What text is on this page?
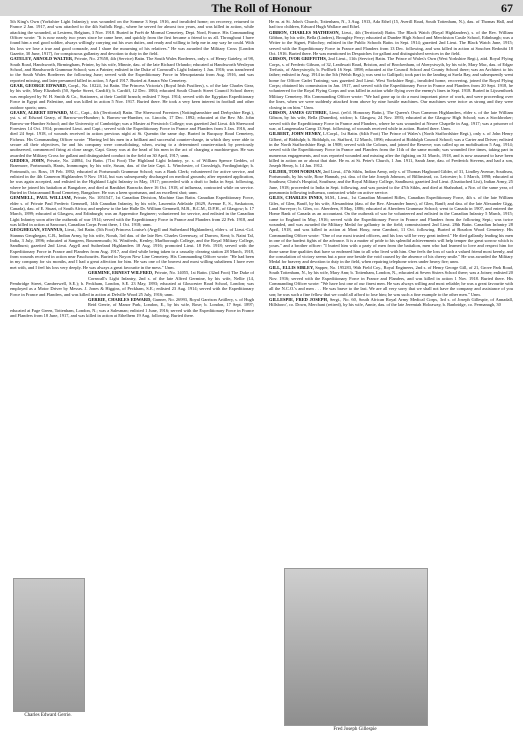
The Roll of Honour	67

5th King's Own (Yorkshire Light Infantry); was wounded on the Somme 3 Sept. 1916, and invalided home; on recovery, returned to France 2 Jan. 1917, and was attached to the 4th Suffolk Regt., where he served for almost two years, and was killed in action, while attacking the wounded, at Lestrem, Belgium, 3 Nov. 1918. Buried in Forêt de Mormal Cemetery, Dept. Nord, France. His Commanding Officer wrote: "It is now nearly two years since he came here, and quickly from the first became a friend to us all. Throughout I have found him a real good soldier, always willingly carrying out his own duties, and ready and willing to help me in any way he could. With his loss we lose a true and good comrade, and I share the mourning of his relatives." He was awarded the Military Cross [London Gazette, 30 June, 1917], for conspicuous gallantry and devotion to duty in the field.

GATELEY, ARNOLD WALTER, Private, No. 27658, 4th (Service) Battn. The South Wales Borderers, only s. of Henry Gateley, of 98, South Road, Handsworth, Birmingham, Printer, by his wife, Minnie, dau. of the late Richard Orlando; educated at Handsworth Wesleyan School, and Handsworth Grammar School; was a Painter; enlisted in the Duke of Cornwall's Light Infantry 1 Jan. 1916; was transferred to the South Wales Borderers the following June; served with the Expeditionary Force in Mesopotamia from Aug. 1916, and was reported missing, and later presumed killed in action, 5 April 1917. Buried at Amara War Cemetery.

GEAR, GEORGE EDWARD, Corpl., No. 10224, 1st Battn. The Princess Victoria's (Royal Irish Fusiliers), s. of the late Charles Gear, by his wife, Mary Elizabeth (50, Speke Street, Cardiff); b. Cardiff, 12 Dec. 1884; educated South Church Street Council School there; was employed by W. H. Smith & Co., Stationers, at their Cardiff branch; enlisted 7 Sept. 1914; served with the Egyptian Expeditionary Force in Egypt and Palestine, and was killed in action 5 Nov. 1917. Buried there. He took a very keen interest in football and other outdoor sports; unm.

GEARY, ALBERT EDWARD, M.C., Capt., 4th (Territorial) Battn. The Sherwood Foresters (Nottinghamshire and Derbyshire Regt.), yst. s. of Edward Geary, of Barrow-on-Humber; b. Barrow-on-Humber, co. Lincoln, 17 Dec. 1892; educated at the Rev. Mr. John Barrow-on-Humber School; and the University of Cambridge; was a Master at Prestwich College; was gazetted 2nd Lieut. 4th Sherwood Foresters 14 Oct. 1914; promoted Lieut. and Capt.; served with the Expeditionary Force in France and Flanders from 3 Jan. 1916, and died 24 Sept. 1918, of wounds received in action previous night at St. Quentin the same day. Buried in Bucquoy Road Cemetery, Ficheux. His Commanding Officer wrote: "Having led his men in a brilliant and successful counter-charge, in which they were able to secure all their objectives, he and his company were consolidating, when, owing to a determined counter-attack by previously unobserved, commenced firing at close range, Capt. Geary was at the head of his men in the act of charging a machine-gun. He was awarded the Military Cross for gallant and distinguished conduct in the field on 30 April, 1917; unm.

GEDDES, JOHN, Private, No. 24884, 1st Battn. (71st Foot) The Highland Light Infantry, yr. s. of William Spence Geddes, of Braemore, Portsmouth, Hants, Ironmonger, by his wife, Susan, dau. of the late Capt. L. Winchester, of Crossleigh, Fordingbridge; b. Portmouth, co. Ross, 19 Feb. 1892; educated at Portsmouth Grammar School; was a Bank Clerk; volunteered for active service, and enlisted in the 4th Cameron Highlanders 9 Nov. 1914, but was subsequently discharged on medical grounds; after repeated application, he was again accepted, and enlisted in the Highland Light Infantry in May, 1917; proceeded with a draft to India in Sept. following, where he joined his battalion at Bangalore, and died at Ranikhet Barracks there 16 Oct. 1918, of influenza, contracted while on service. Buried in Ootacamund Road Cemetery, Bangalore. He was a keen sportsman, and an excellent shot; unm.

GEMMELL, PAUL WILLIAM, Private, No. 1051547, 1st Canadian Division, Machine Gun Battn. Canadian Expeditionary Force, elder s. of Private Paul Frederic Gemmell, 14th Canadian Infantry, by his wife, Laurentia Adelaide (3629, Avenue E, S., Saskatoon, Canada), dau. of E. Stuart, of South Africa; and nephew to the late Halle Dr. William Gemmell, M.B., B.C.M., D.P.H., of Glasgow; b. 17 March, 1899; educated at Glasgow, and Edinburgh; was an Apprentice Engineer; volunteered for service, and enlisted in the Canadian Light Infantry soon after the outbreak of war 1914; served with the Expeditionary Force in France and Flanders from 22 Feb. 1918, and was killed in action at Sancourt, Canadian Corps Front there, 1 Oct. 1918; unm.

GEOGHEGAN, STANNUS, Lieut., 3rd Battn. (5th Foot) Princess Louise's (Argyll and Sutherland Highlanders), elder s. of Lieut.-Col. Stannus Geoghegan, C.B., Indian Army, by his wife, Norah, 3rd dau. of the late Rev. Charles Greenway, of Darrow, Kent; b. Naini Tal, India, 3 July, 1896; educated at Sangeen, Bournemouth; St. Winifreds, Kenley; Marlborough College, and the Royal Military College, Sandhurst; gazetted 2nd Lieut. Argyll and Sutherland Highlanders 18 Aug. 1916; promoted Lieut. 18 Feb. 1918; served with the Expeditionary Force in France and Flanders from Aug. 1917, and died while being taken to a casualty clearing station 28 March, 1918, from wounds received in action near Fauchouriès. Buried in Noyon New Line Cemetery. His Commanding Officer wrote: "He had been in my company for six months, and I had a great affection for him. He was one of the bravest and most willing subalterns I have ever met with, and I feel his loss very deeply. He was always a great favourite in the mess." Unm.

GERMINE, ERNEST WILFRED, Private, No. 14055, 1st Battn. (32nd Foot) The Duke of Cornwall's Light Infantry, 2nd s. of the late Alfred Germine, by his wife, Nellie (14, Pembridge Street, Camberwell, S.E.); b. Peckham, London, S.E. 23 May, 1893; educated at Gloucester Road School, London; was employed as a Motor Driver by Messrs. J. Jones & Higgins, of Peckham, S.E.; enlisted 23 Aug. 1914; served with the Expeditionary Force in France and Flanders, and was killed in action at Delville Wood 25 July, 1916; unm.

GERRIE, CHARLES EDWARD, Gunner, No. 26993, Royal Garrison Artillery, s. of Hugh Reid Gerrie, of Manor Park, London, E., by his wife, Rose; b. London, 17 Sept. 1897; educated at Fage Green, Tottenham, London, N.; was a Salesman; enlisted 1 June, 1916; served with the Expeditionary Force in France and Flanders from 18 June, 1917, and was killed in action at Ethelhem 19 Aug. following. Buried there.

He m. at St. John's Church, Tottenham, N., 3 Aug. 1913, Ada Ethel (15, Averill Road, South Tottenham, N.), dau. of Thomas Hall, and had two children, Edward Hugh Wallace and Ethel.

GIBBON, CHARLES MATHESON, Lieut., 4th (Territorial) Battn. The Black Watch (Royal Highlanders), s. of the Rev. William Gibbon, by his wife, Bella (Lindres), Broughty Ferry; educated at Dundee High School and Merchiston Castle School, Edinburgh; was a Writer to the Signet, Pitlochry; enlisted in the Public Schools Battn. in Sept. 1914; gazetted 2nd Lieut. The Black Watch June, 1915; served with the Expeditionary Force in France and Flanders from 13 Dec. following, and was killed in action at Souchez Redoubt 18 Oct. 1916. Buried there. He was mentioned in Despatches for gallant and distinguished services in the field.

GIBSON, IVOR GRIFFITHS, 2nd Lieut., 11th (Service) Battn. The Prince of Wales's Own (West Yorkshire Regt.), attd. Royal Flying Corps, s. of Frederic Gibson, of 32, Leathwait Road, Brixton, and of Brockenham, of Aberystwyth, by his wife, Mary Mac, dau. of Edgar Trefusis, of Aberystwyth; b. Pwllheli 16 Sept. 1898; educated at the Council School and County School there; was an Architect to his father; enlisted in Aug. 1914 in the 5th (Welsh Regt.); was sent to Gallipoli; took part in the landing at Suvla Bay, and subsequently went home for Officer Cadet Training; was gazetted 2nd Lieut. West Yorkshire Regt., invalided home, recovering, joined the Royal Flying Corps; obtained his commission in Jan. 1917, and served with the Expeditionary Force in France and Flanders from 20 Sept. 1918, he volunteered for the Royal Flying Corps and was killed in action while flying over the enemy's lines in Sept. 1918. Buried in Lijssenthoek Military Cemetery. His Commanding Officer wrote: "We had gone up to do a most important piece of work, and were proceeding over the lines, when we were suddenly attacked from above by nine hostile machines. Our machines were twice as strong and they were closing in on him." Unm.

GIBSON, JAMES GUTHRIE, Lieut. (ret'd. Honorary Battn.), The Queen's Own Cameron Highlanders, elder s. of the late William Gibson, by his wife, Bella (Dunedin), widow; b. Glasgow, 24 Nov. 1893; educated at the Glasgow High School; was a Stockbroker; served with the Expeditionary Force in France and Flanders, where he was wounded at Neuve Chapelle in Aug. 1917; was a prisoner of war, at Langensalza Camp 13 Sept. following, of wounds received while in action. Buried there. Unm.

GILBERT, JOHN HENRY, L/Corpl., 1st Battn. (64th Foot) The Prince of Wales's (North Staffordshire Regt.), only s. of John Henry Gilbert, of Biddulph; b. Biddulph, co. Stafford, 12 March, 1896; educated at Biddulph Council School; was a Carter and Driver; enlisted in the North Staffordshire Regt. in 1908; served with the Colours, and joined the Reserve; was called up on mobilisation 5 Aug. 1914; served with the Expeditionary Force in France and Flanders from the 11th of the same month; was wounded five times, taking part in numerous engagements, and was reported wounded and missing after the fighting on 31 March, 1918, and is now assumed to have been killed in action on or about that date. He m. at St. Peter's Church, 1 Jan. 1911, Sarah Jane, dau. of Frederick Stevens, and had a son, Joseph Henry, b. 14 Jan. 1912.

GILDER, TOM NORMAN, 2nd Lieut., 47th Sikhs, Indian Army, only s. of Thomas Hagboard Gilder, of 31, Lindley Avenue, Southsea, Portsmouth, by his wife, Rose Hannah, yst. dau. of the late Joseph Johnson, of Billinstead, co. Leicester; b. 1 March, 1898; educated at Southsea; Christ's Hospital, Southsea; and the Royal Military College, Sandhurst; gazetted 2nd Lieut. (Unattached List), Indian Army, 25 June, 1918; proceeded to India in Sept. following, and was posted to the 47th Sikhs, and died at Shahrabad, a Nor. of the same year, of pneumonia following influenza, contracted while on active service.

GILES, CHARLES INNES, M.M., Lieut., 1st Canadian Mounted Rifles, Canadian Expeditionary Force, 4th s. of the late William Giles, of Glen, Banff, by his wife, Alexandrina (dau. of the Rev. Alexander Innes), of Glen, Banff; and dau. of the late Alexander Gigg, Land Surveyor; b. Glen, co. Aberdeen, 8 May, 1886; educated at Aberdeen Grammar School; went to Canada in 1907, and entered the Home Bank of Canada as an accountant. On the outbreak of war he volunteered and enlisted in the Canadian Infantry 5 March, 1915; came to England in May, 1916; served with the Expeditionary Force in France and Flanders from the following Sept.; was twice wounded, and was awarded the Military Medal for gallantry in the field; commissioned 2nd Lieut. 28th Battn. Canadian Infantry 28 April, 1918, and was killed in action at Mont Houy, near Cambrai, 11 Oct. following. Buried at Bourlon Wood Cemetery. His Commanding Officer wrote: "One of our most trusted officers, and his loss will be very great indeed." He died gallantly leading his men in one of the hardest fights of the advance. It is a matter of pride to his splendid achievements will help temper the great sorrow which is yours." and a brother officer: "I buried him with a party of men from the battalion, men who had learned to love and respect him for those same fine qualities that have so endeared him to all who lived with him. One feels the loss of such a valued friend most keenly, and the consolation of victory seems but a poor one beside the void caused by the absence of his cheery smile." He was awarded the Military Medal for bravery and devotion to duty in the field, when repairing telephone wires under heavy fire; unm.

GILL, ELLIS SIBLEY, Sapper, No. 195283, 96th Field Coy., Royal Engineers, 2nd s. of Henry George Gill, of 21, Grove Park Road, South Tottenham, N., by his wife, Mary Ann; b. Tottenham, London, N., educated at Seven Sisters School there; was a Joiner; enlisted 20 Nov. 1916; served with the Expeditionary Force in France and Flanders, and was killed in action 1 Nov. 1918. Buried there. His Commanding Officer wrote: "We have lost one of our finest men. He was always willing and most reliable; he was a great favourite with all the N.C.O.'s and men . . . He was brave to the last. We are all very sorry that we shall not have the company and assistance of you son; he was such a fine fellow that we could all afford to lose him; he was such a fine example to the other men." Unm.

GILLESPIE, FRED JOSEPH, Sergt., No. 60, South African Royal Army Medical Corps, 3rd s. of Joseph Gillespie, of Annadall, Hillsboro', co. Down, Merchant (retired), by his wife, Annie, dau. of the late Jeremiah Holoaway, b. Banbridge, co. Fermanagh, 30

Charles Edward Gerrie.
Fred Joseph Gillespie
